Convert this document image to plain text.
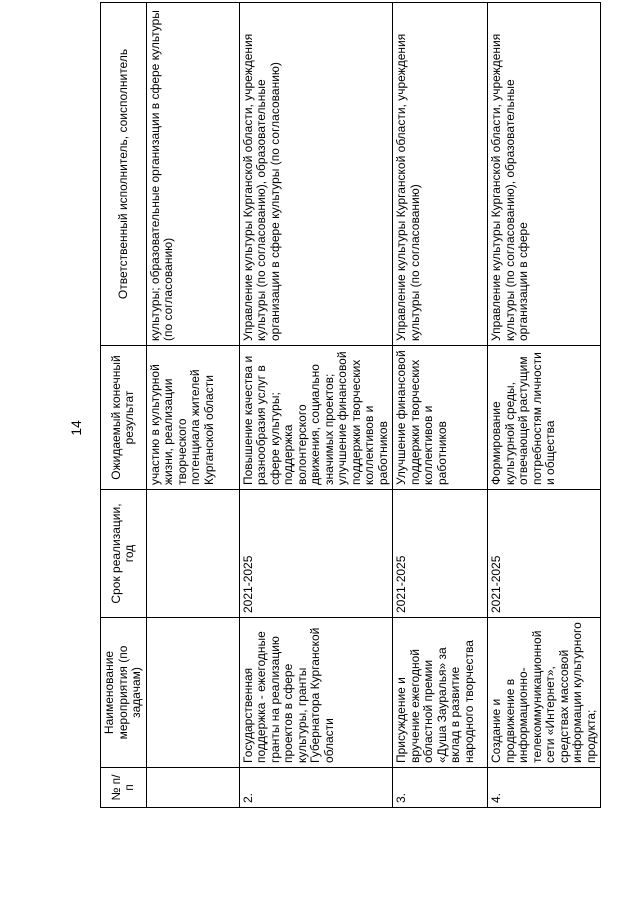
14
№ п/п	Наименование мероприятия (по задачам)	Срок реализации, год	Ожидаемый конечный результат	Ответственный исполнитель, соисполнитель
			участию в культурной жизни, реализации творческого потенциала жителей Курганской области	культуры; образовательные организации в сфере культуры (по согласованию)
2.	Государственная поддержка - ежегодные гранты на реализацию проектов в сфере культуры, гранты Губернатора Курганской области	2021-2025	Повышение качества и разнообразия услуг в сфере культуры; поддержка волонтерского движения, социально значимых проектов; улучшение финансовой поддержки творческих коллективов и работников	Управление культуры Курганской области, учреждения культуры (по согласованию), образовательные организации в сфере культуры (по согласованию)
3.	Присуждение и вручение ежегодной областной премии «Душа Зауралья» за вклад в развитие народного творчества	2021-2025	Улучшение финансовой поддержки творческих коллективов и работников	Управление культуры Курганской области, учреждения культуры (по согласованию)
4.	Создание и продвижение в информационно-телекоммуникационной сети «Интернет», средствах массовой информации культурного продукта;	2021-2025	Формирование культурной среды, отвечающей растущим потребностям личности и общества	Управление культуры Курганской области, учреждения культуры (по согласованию), образовательные организации в сфере
